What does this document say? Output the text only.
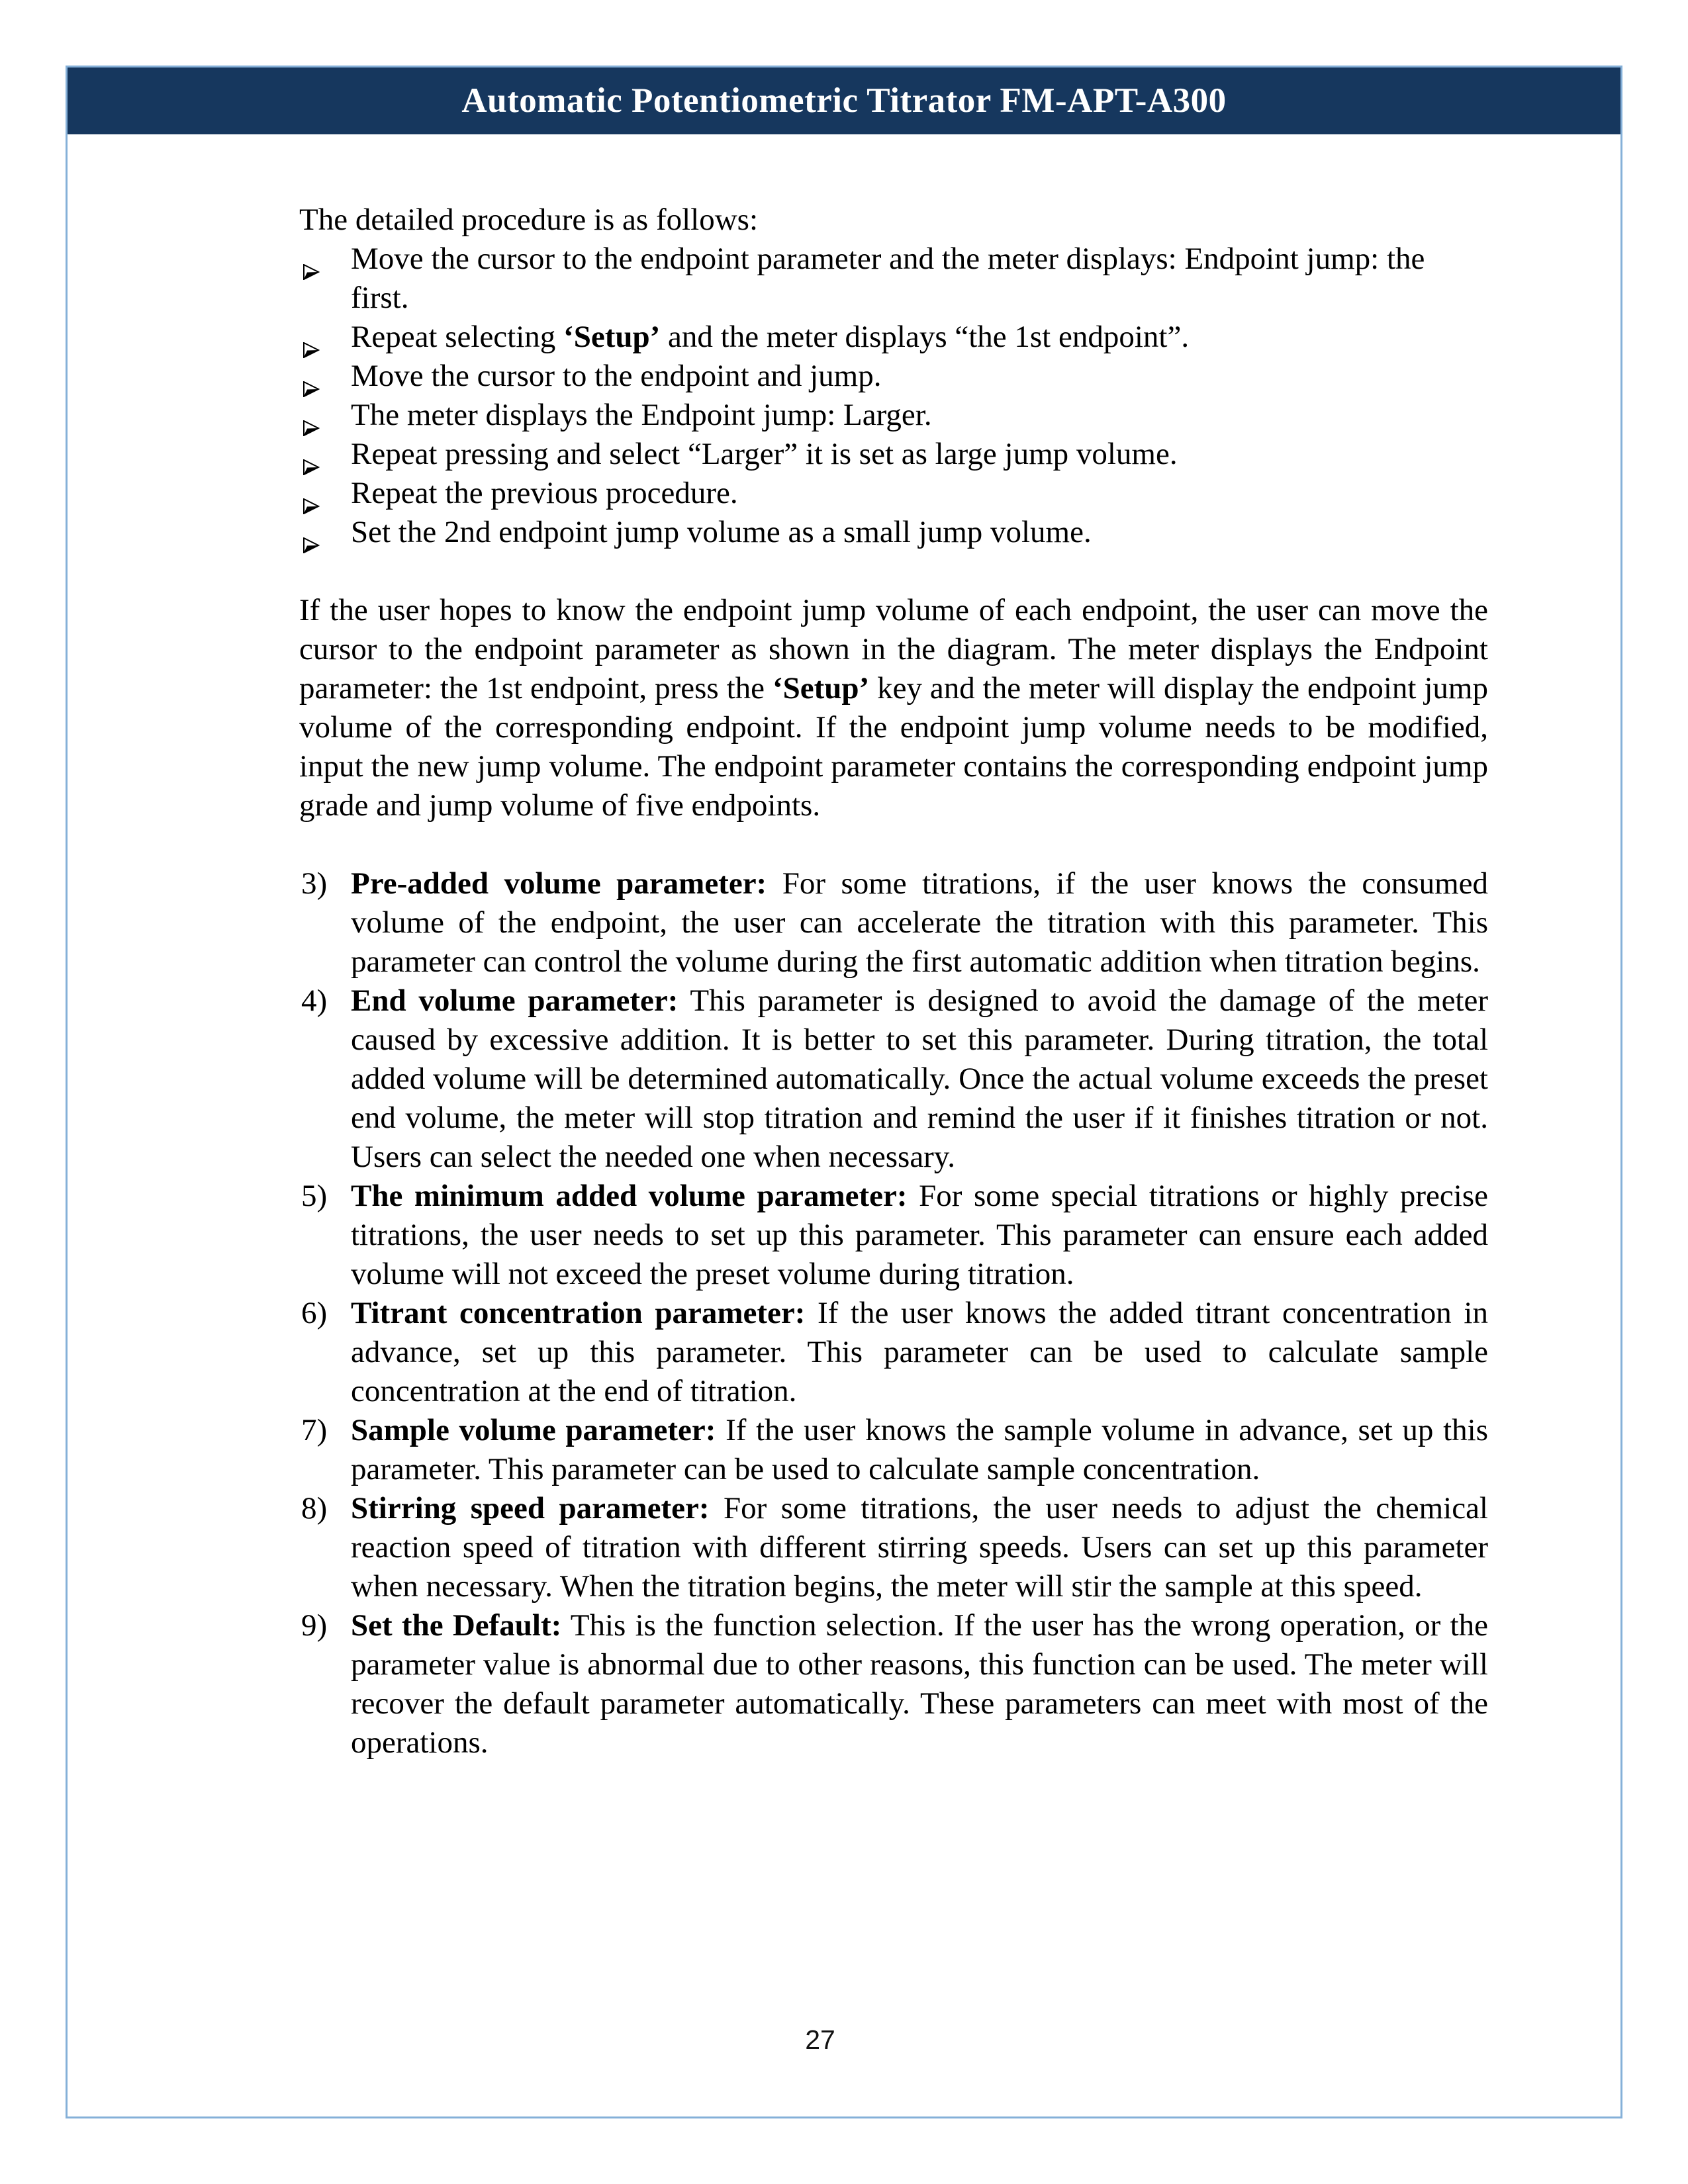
Automatic Potentiometric Titrator FM-APT-A300

The detailed procedure is as follows:

Move the cursor to the endpoint parameter and the meter displays: Endpoint jump: the first.
Repeat selecting ‘Setup’ and the meter displays “the 1st endpoint”.
Move the cursor to the endpoint and jump.
The meter displays the Endpoint jump: Larger.
Repeat pressing and select “Larger” it is set as large jump volume.
Repeat the previous procedure.
Set the 2nd endpoint jump volume as a small jump volume.

If the user hopes to know the endpoint jump volume of each endpoint, the user can move the cursor to the endpoint parameter as shown in the diagram. The meter displays the Endpoint parameter: the 1st endpoint, press the ‘Setup’ key and the meter will display the endpoint jump volume of the corresponding endpoint. If the endpoint jump volume needs to be modified, input the new jump volume. The endpoint parameter contains the corresponding endpoint jump grade and jump volume of five endpoints.

3) Pre-added volume parameter: For some titrations, if the user knows the consumed volume of the endpoint, the user can accelerate the titration with this parameter. This parameter can control the volume during the first automatic addition when titration begins.
4) End volume parameter: This parameter is designed to avoid the damage of the meter caused by excessive addition. It is better to set this parameter. During titration, the total added volume will be determined automatically. Once the actual volume exceeds the preset end volume, the meter will stop titration and remind the user if it finishes titration or not. Users can select the needed one when necessary.
5) The minimum added volume parameter: For some special titrations or highly precise titrations, the user needs to set up this parameter. This parameter can ensure each added volume will not exceed the preset volume during titration.
6) Titrant concentration parameter: If the user knows the added titrant concentration in advance, set up this parameter. This parameter can be used to calculate sample concentration at the end of titration.
7) Sample volume parameter: If the user knows the sample volume in advance, set up this parameter. This parameter can be used to calculate sample concentration.
8) Stirring speed parameter: For some titrations, the user needs to adjust the chemical reaction speed of titration with different stirring speeds. Users can set up this parameter when necessary. When the titration begins, the meter will stir the sample at this speed.
9) Set the Default: This is the function selection. If the user has the wrong operation, or the parameter value is abnormal due to other reasons, this function can be used. The meter will recover the default parameter automatically. These parameters can meet with most of the operations.
27
